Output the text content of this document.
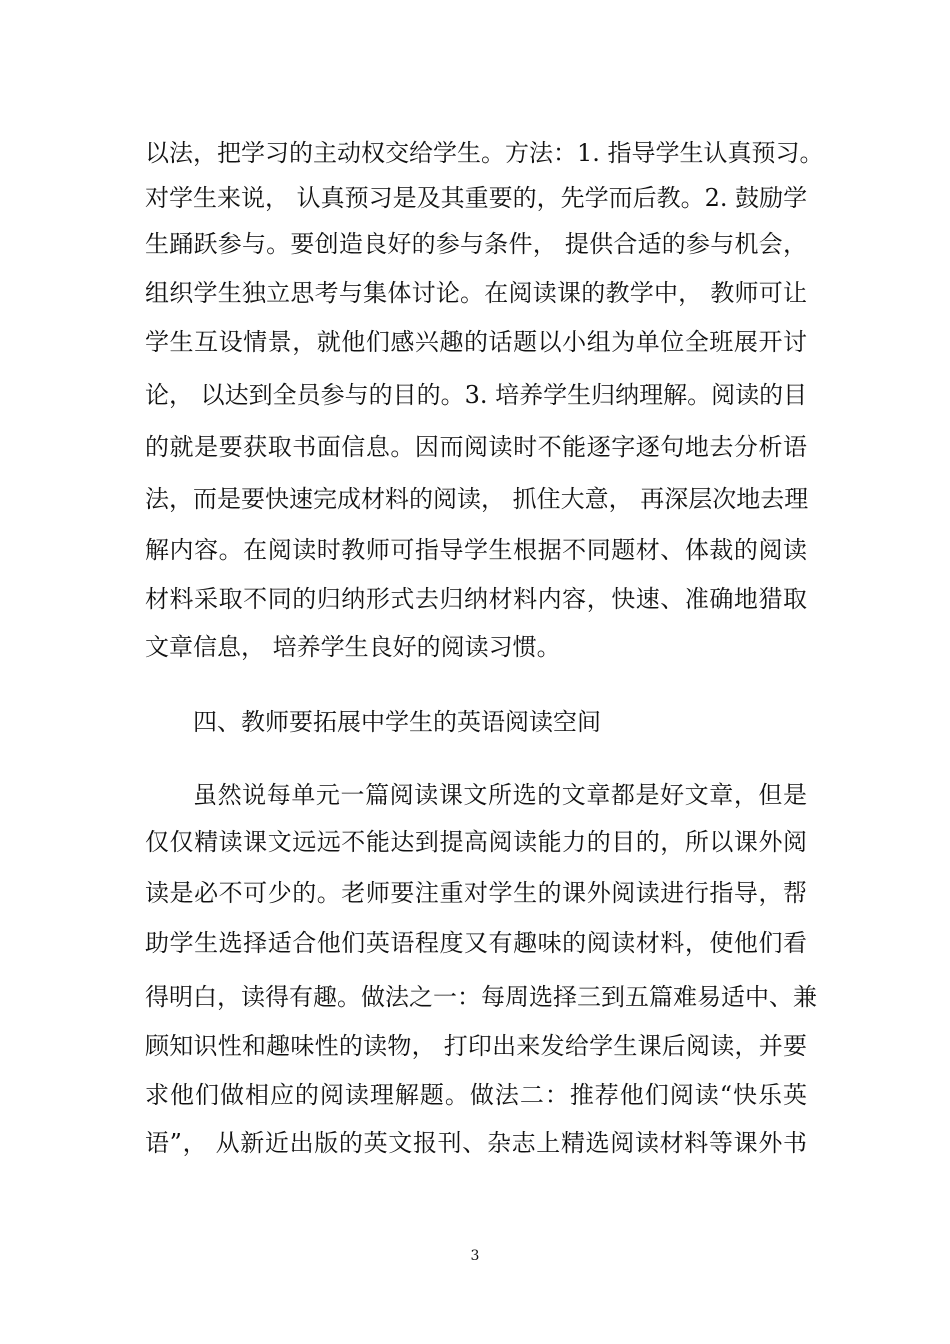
以法，把学习的主动权交给学生。方法：1. 指导学生认真预习。
对学生来说， 认真预习是及其重要的，先学而后教。2. 鼓励学
生踊跃参与。要创造良好的参与条件， 提供合适的参与机会，
组织学生独立思考与集体讨论。在阅读课的教学中， 教师可让
学生互设情景，就他们感兴趣的话题以小组为单位全班展开讨
论， 以达到全员参与的目的。3. 培养学生归纳理解。阅读的目
的就是要获取书面信息。因而阅读时不能逐字逐句地去分析语
法，而是要快速完成材料的阅读， 抓住大意， 再深层次地去理
解内容。在阅读时教师可指导学生根据不同题材、体裁的阅读
材料采取不同的归纳形式去归纳材料内容，快速、准确地猎取
文章信息， 培养学生良好的阅读习惯。
四、教师要拓展中学生的英语阅读空间
虽然说每单元一篇阅读课文所选的文章都是好文章，但是
仅仅精读课文远远不能达到提高阅读能力的目的，所以课外阅
读是必不可少的。老师要注重对学生的课外阅读进行指导，帮
助学生选择适合他们英语程度又有趣味的阅读材料，使他们看
得明白，读得有趣。做法之一：每周选择三到五篇难易适中、兼
顾知识性和趣味性的读物， 打印出来发给学生课后阅读，并要
求他们做相应的阅读理解题。做法二：推荐他们阅读“快乐英
语”， 从新近出版的英文报刊、杂志上精选阅读材料等课外书
3
